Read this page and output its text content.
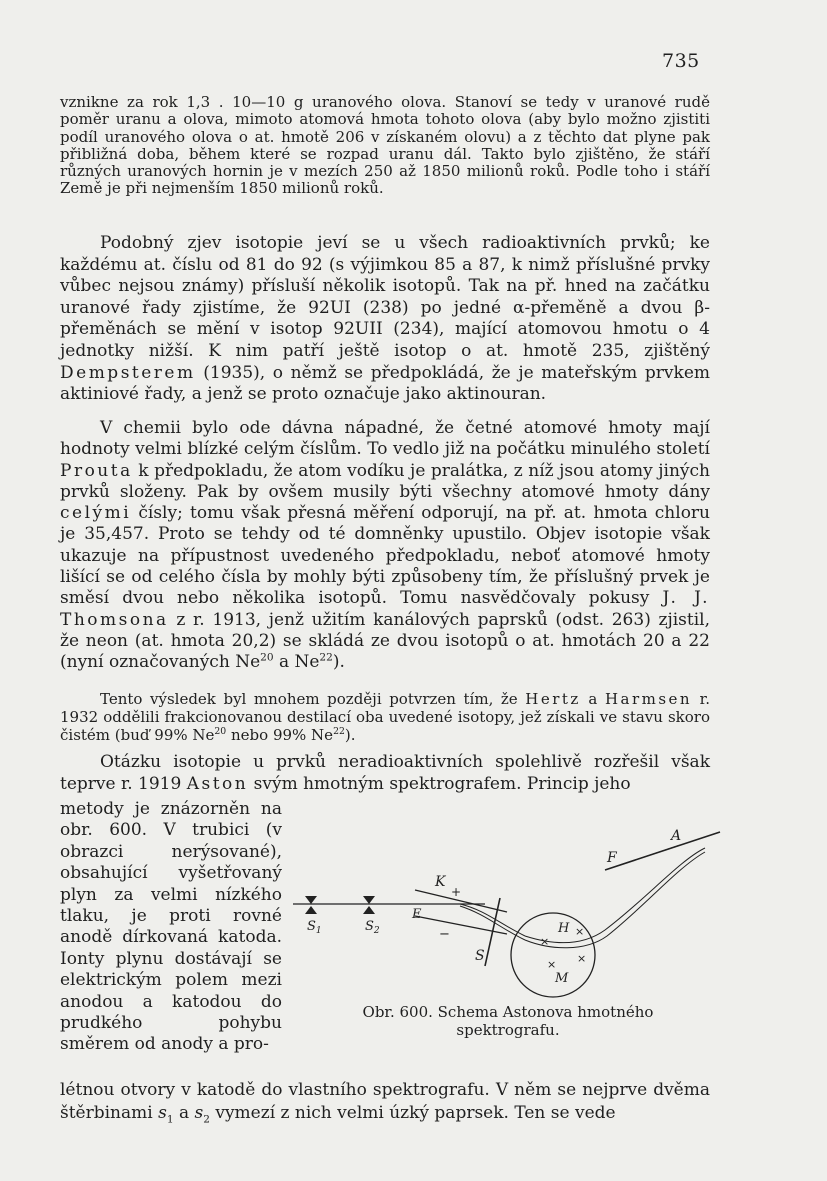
735

vznikne za rok 1,3 . 10—10 g uranového olova. Stanoví se tedy v uranové rudě poměr uranu a olova, mimoto atomová hmota tohoto olova (aby bylo možno zjistiti podíl uranového olova o at. hmotě 206 v získaném olovu) a z těchto dat plyne pak přibližná doba, během které se rozpad uranu dál. Takto bylo zjištěno, že stáří různých uranových hornin je v mezích 250 až 1850 milionů roků. Podle toho i stáří Země je při nejmenším 1850 milionů roků.

Podobný zjev isotopie jeví se u všech radioaktivních prvků; ke každému at. číslu od 81 do 92 (s výjimkou 85 a 87, k nimž příslušné prvky vůbec nejsou známy) přísluší několik isotopů. Tak na př. hned na začátku uranové řady zjistíme, že 92UI (238) po jedné α-přeměně a dvou β-přeměnách se mění v isotop 92UII (234), mající atomovou hmotu o 4 jednotky nižší. K nim patří ještě isotop o at. hmotě 235, zjištěný Dempsterem (1935), o němž se předpokládá, že je mateřským prvkem aktiniové řady, a jenž se proto označuje jako aktinouran.

V chemii bylo ode dávna nápadné, že četné atomové hmoty mají hodnoty velmi blízké celým číslům. To vedlo již na počátku minulého století Prouta k předpokladu, že atom vodíku je pralátka, z níž jsou atomy jiných prvků složeny. Pak by ovšem musily býti všechny atomové hmoty dány celými čísly; tomu však přesná měření odporují, na př. at. hmota chloru je 35,457. Proto se tehdy od té domněnky upustilo. Objev isotopie však ukazuje na přípustnost uvedeného předpokladu, neboť atomové hmoty lišící se od celého čísla by mohly býti způsobeny tím, že příslušný prvek je směsí dvou nebo několika isotopů. Tomu nasvědčovaly pokusy J. J. Thomsona z r. 1913, jenž užitím kanálových paprsků (odst. 263) zjistil, že neon (at. hmota 20,2) se skládá ze dvou isotopů o at. hmotách 20 a 22 (nyní označovaných Ne$^{20}$ a Ne$^{22}$).

Tento výsledek byl mnohem později potvrzen tím, že Hertz a Harmsen r. 1932 oddělili frakcionovanou destilací oba uvedené isotopy, jež získali ve stavu skoro čistém (buď 99% Ne$^{20}$ nebo 99% Ne$^{22}$).

Otázku isotopie u prvků neradioaktivních spolehlivě rozřešil však teprve r. 1919 Aston svým hmotným spektrografem. Princip jeho

metody je znázorněn na obr. 600. V trubici (v obrazci nerýsované), obsahující vyšetřovaný plyn za velmi nízkého tlaku, je proti rovné anodě dírkovaná katoda. Ionty plynu dostávají se elektrickým polem mezi anodou a katodou do prudkého pohybu směrem od anody a pro-

×
×
× ×
$S_1$	$S_2$
K
+
E
−
S
H
M
F
A
Obr. 600. Schema Astonova hmotného spektrografu.

létnou otvory v katodě do vlastního spektrografu. V něm se nejprve dvěma štěrbinami $s_1$ a $s_2$ vymezí z nich velmi úzký paprsek. Ten se vede
